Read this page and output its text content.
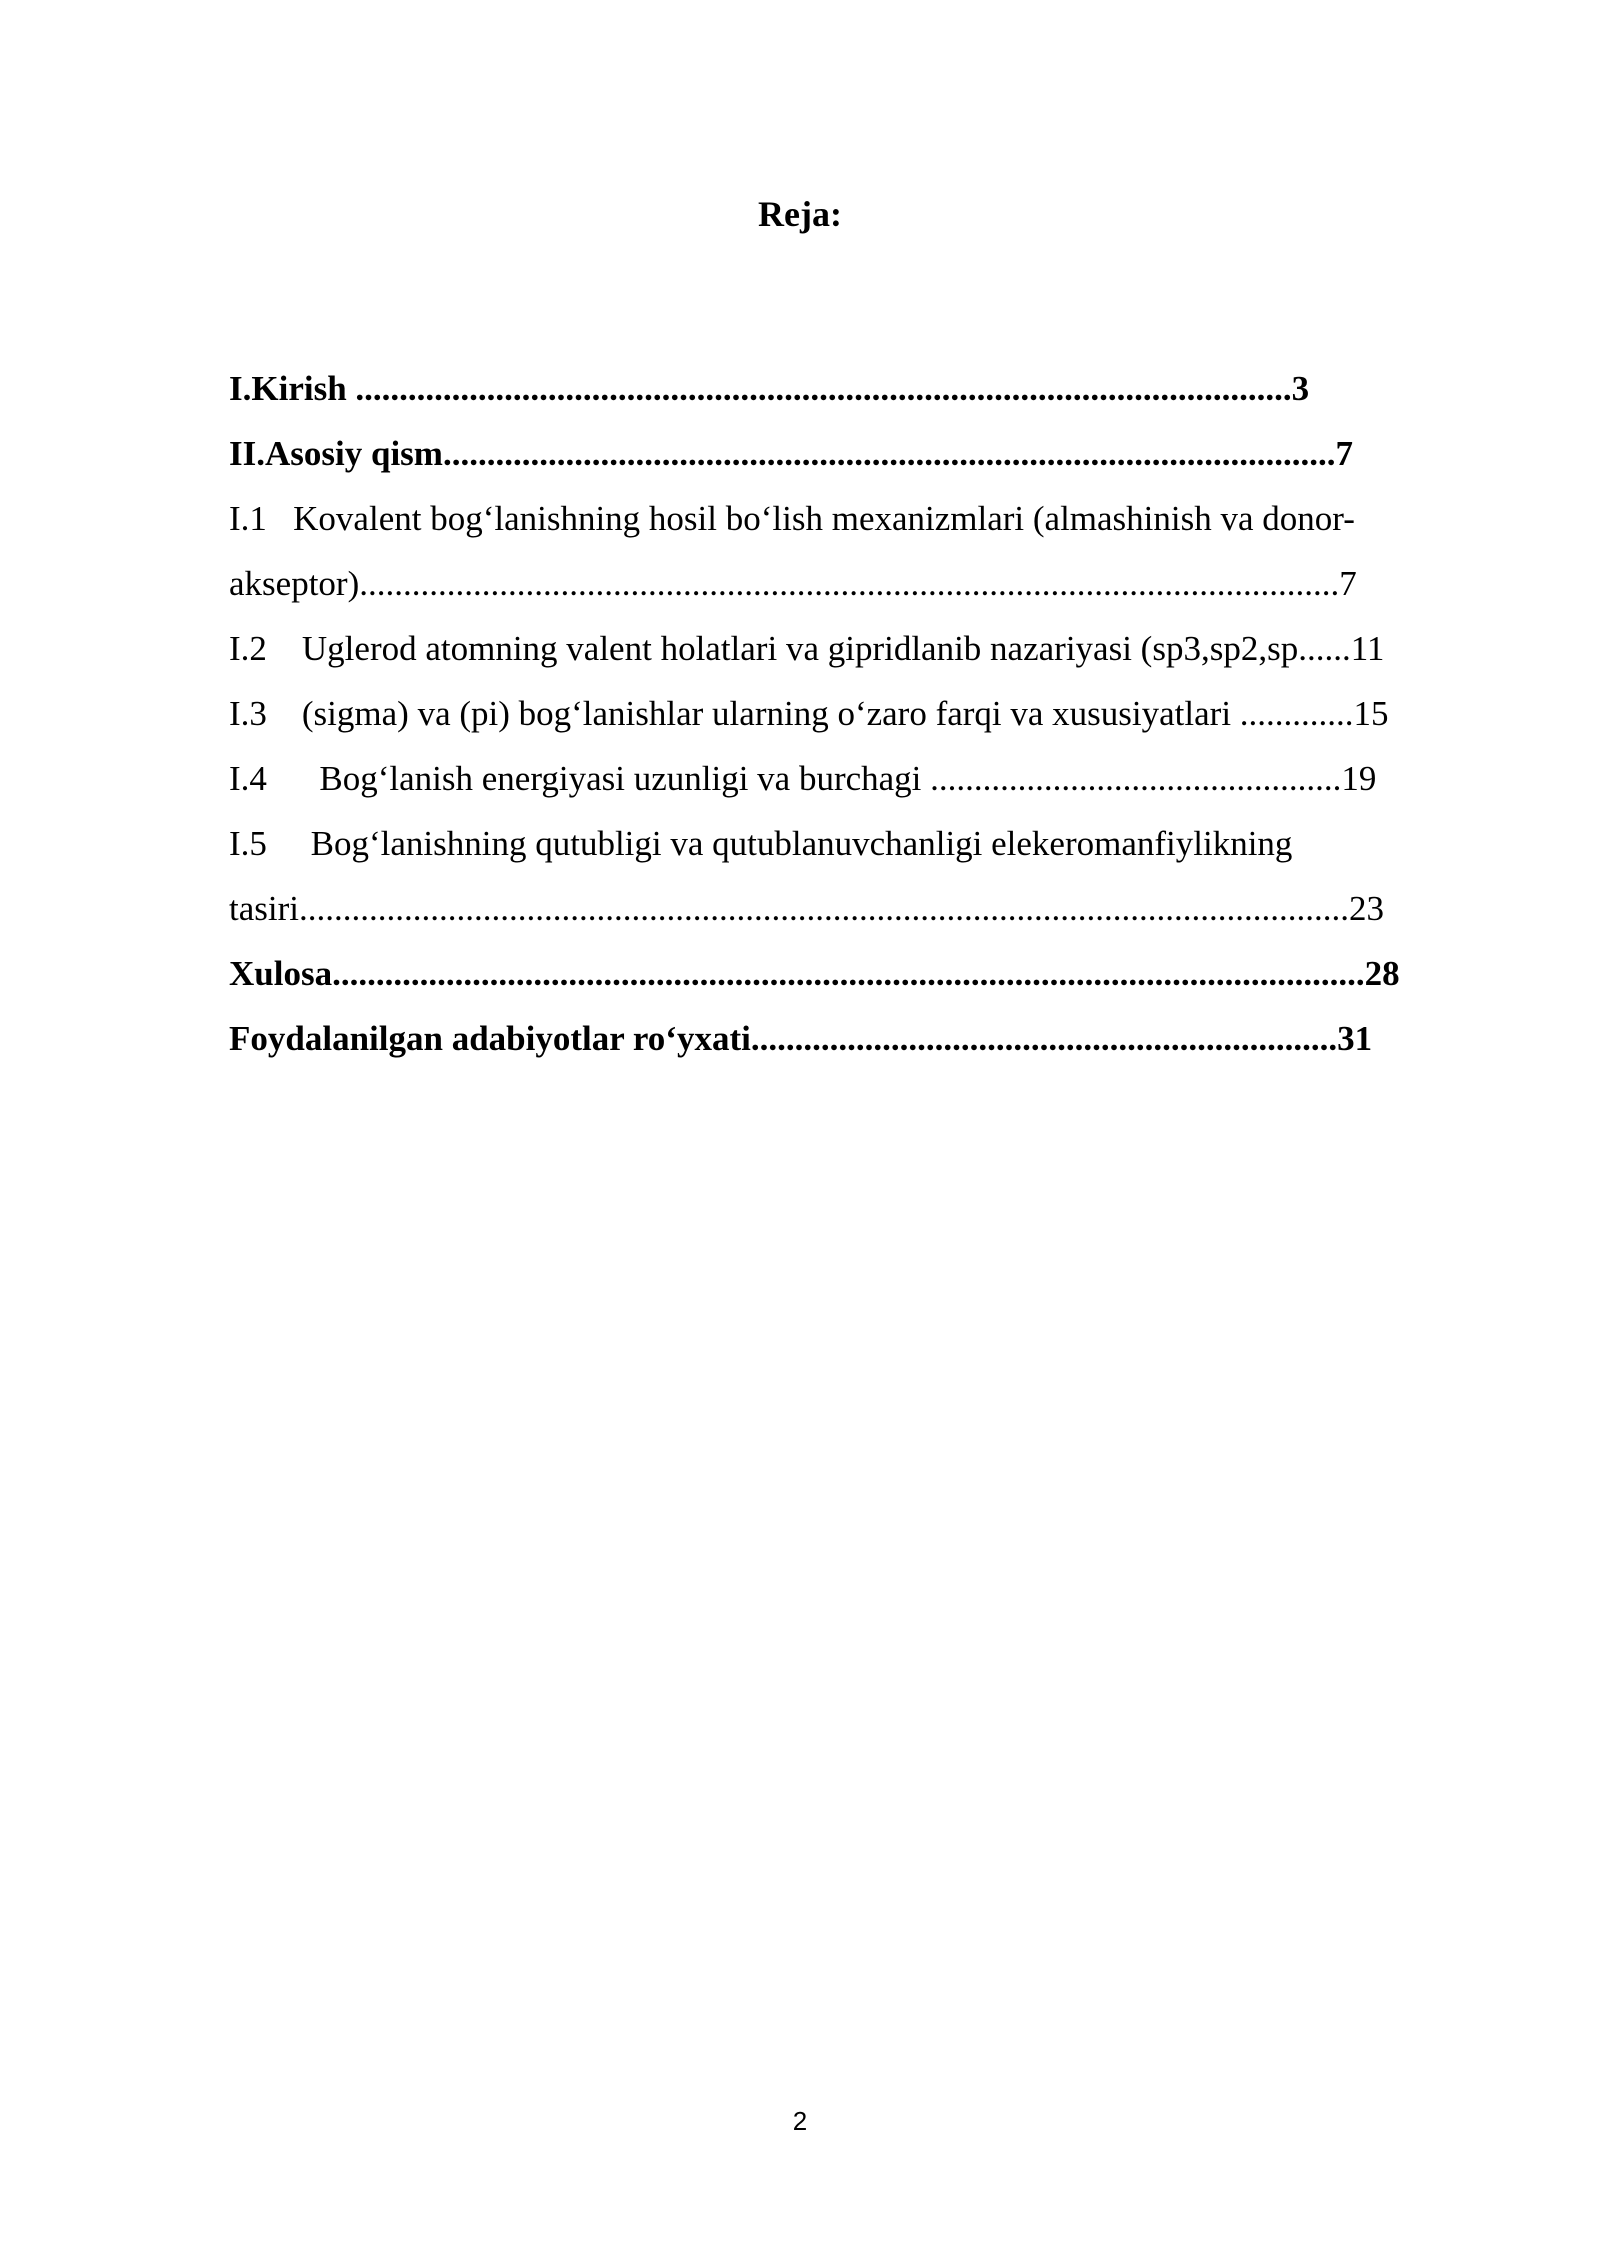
Reja:
I.Kirish ...........................................................................................................3
II.Asosiy qism......................................................................................................7
I.1   Kovalent bog‘lanishning hosil bo‘lish mexanizmlari (almashinish va donor-
akseptor)................................................................................................................7
I.2    Uglerod atomning valent holatlari va gipridlanib nazariyasi (sp3,sp2,sp......11
I.3    (sigma) va (pi) bog‘lanishlar ularning o‘zaro farqi va xususiyatlari .............15
I.4      Bog‘lanish energiyasi uzunligi va burchagi ...............................................19
I.5     Bog‘lanishning qutubligi va qutublanuvchanligi elekeromanfiylikning
tasiri........................................................................................................................23
Xulosa......................................................................................................................28
Foydalanilgan adabiyotlar ro‘yxati...................................................................31
2
